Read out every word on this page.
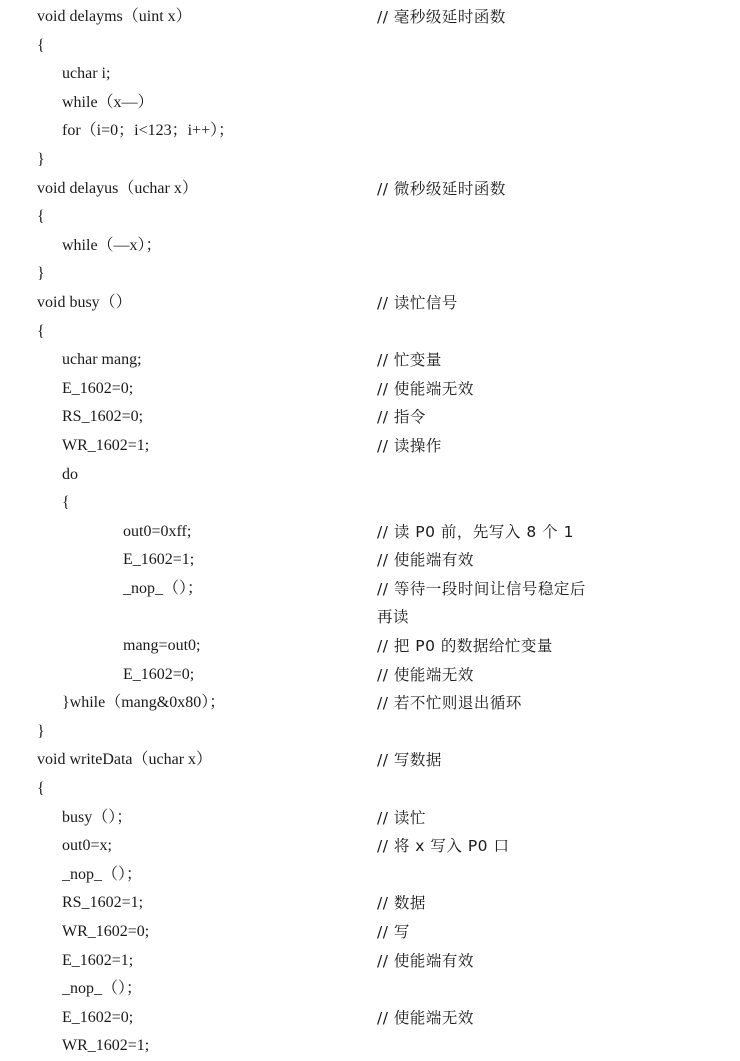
void delayms（uint x）	// 毫秒级延时函数
{
uchar i;
while（x—）
for（i=0；i<123；i++）；
}
void delayus（uchar x）	// 微秒级延时函数
{
while（—x）；
}
void busy（）	// 读忙信号
{
uchar mang;	// 忙变量
E_1602=0;	// 使能端无效
RS_1602=0;	// 指令
WR_1602=1;	// 读操作
do
{
out0=0xff;	// 读 P0 前，先写入 8 个 1
E_1602=1;	// 使能端有效
_nop_（）；	// 等待一段时间让信号稳定后
再读
mang=out0;	// 把 P0 的数据给忙变量
E_1602=0;	// 使能端无效
}while（mang&0x80）；	// 若不忙则退出循环
}
void writeData（uchar x）	// 写数据
{
busy（）；	// 读忙
out0=x;	// 将 x 写入 P0 口
_nop_（）；
RS_1602=1;	// 数据
WR_1602=0;	// 写
E_1602=1;	// 使能端有效
_nop_（）；
E_1602=0;	// 使能端无效
WR_1602=1;
